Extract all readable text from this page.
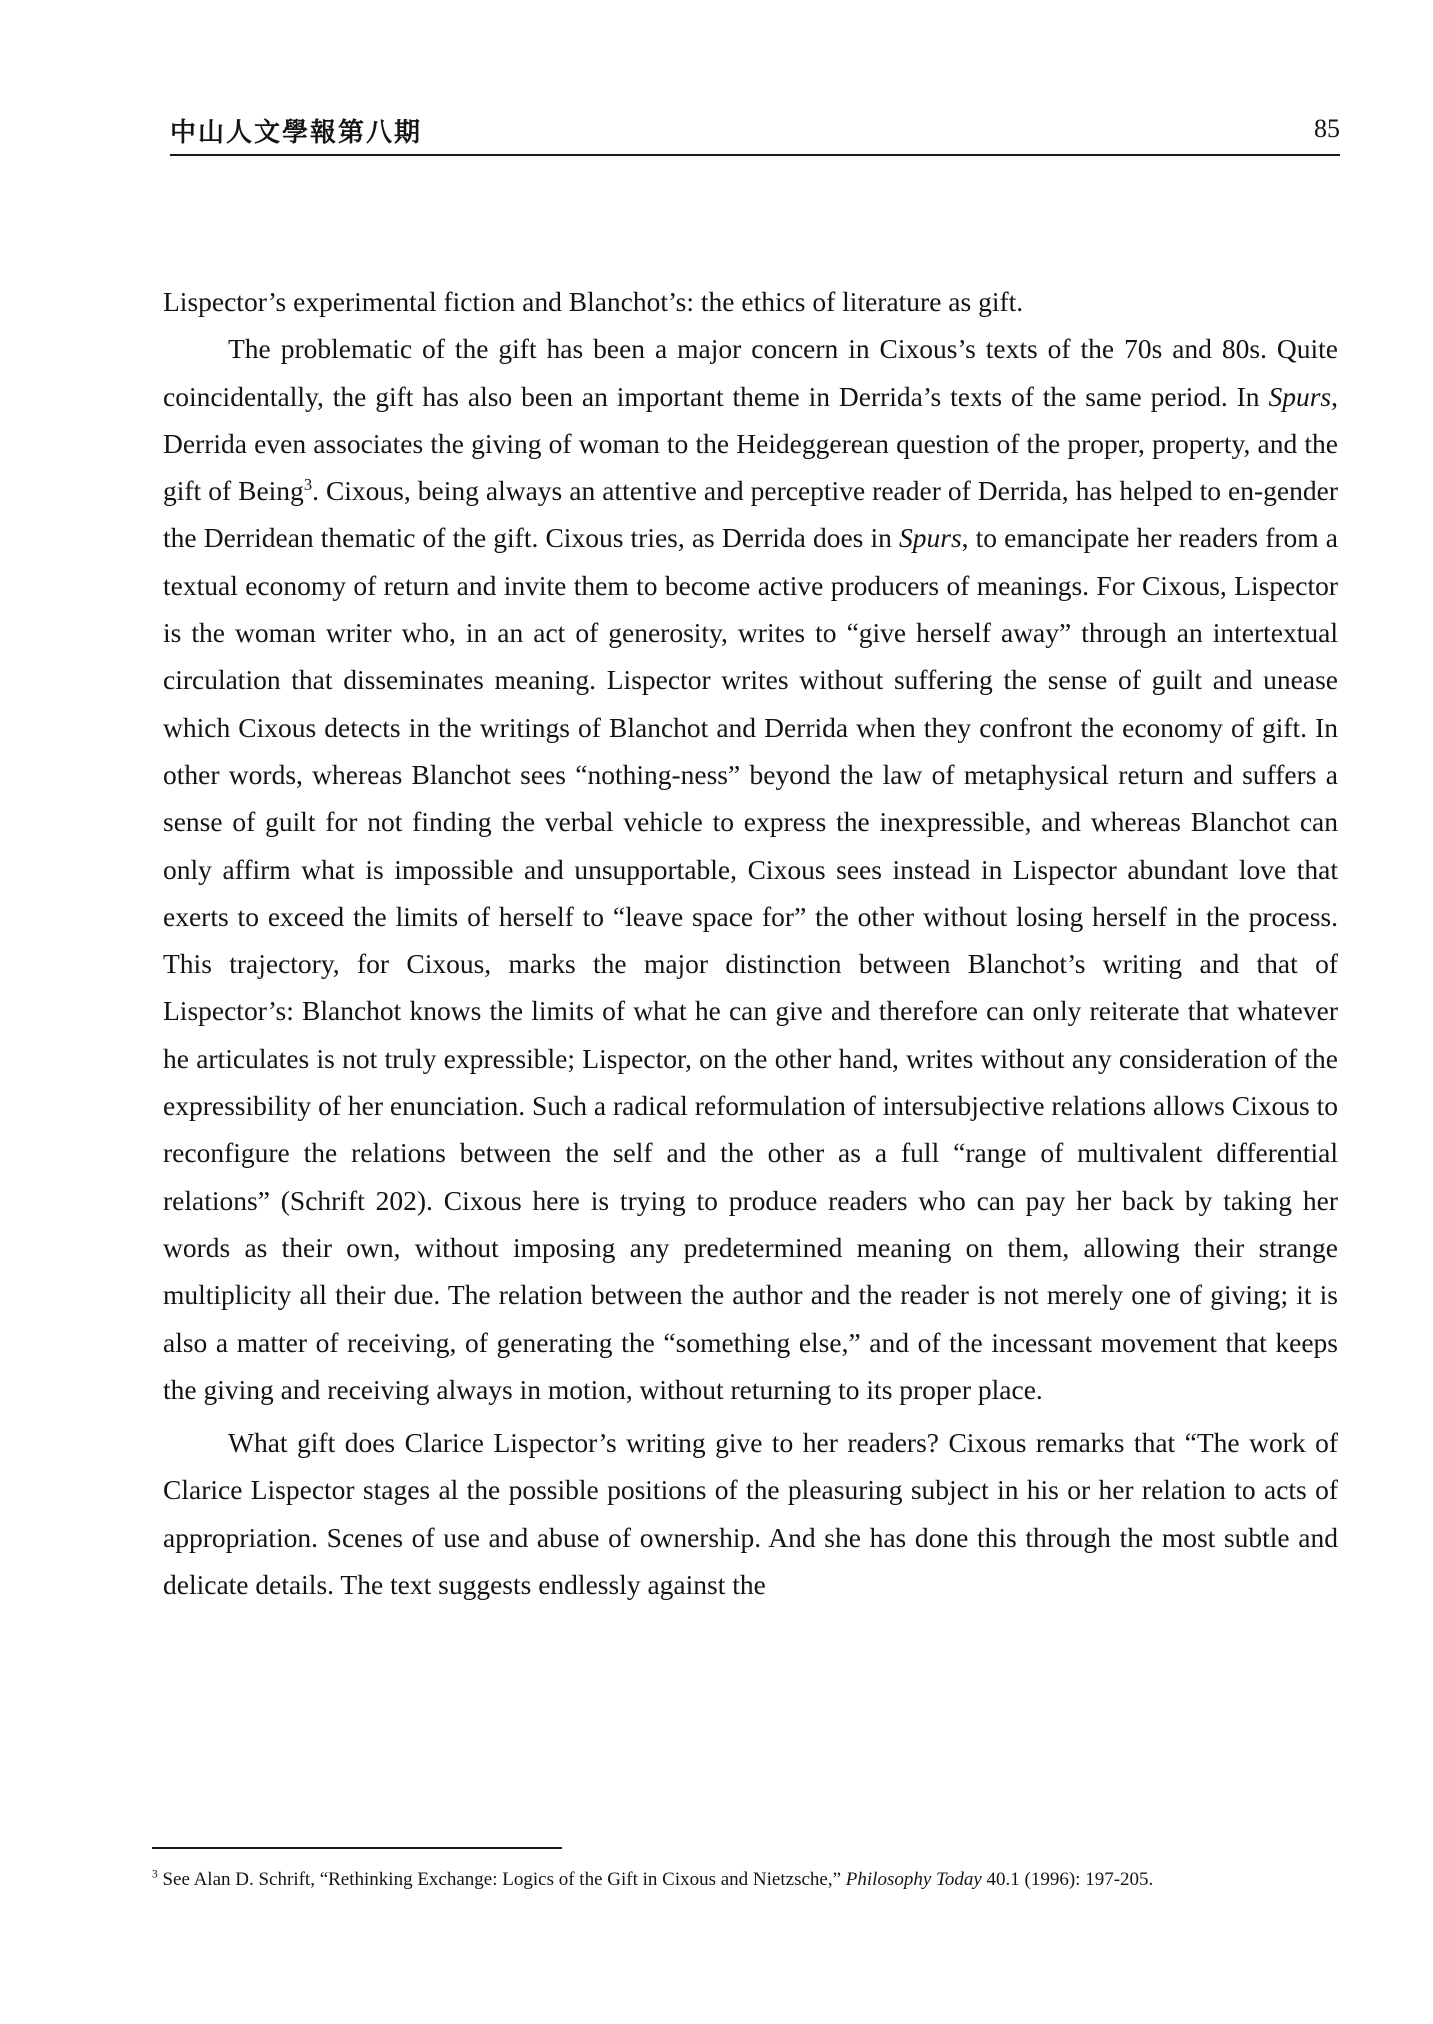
中山人文學報第八期	85

Lispector’s experimental fiction and Blanchot’s: the ethics of literature as gift.

The problematic of the gift has been a major concern in Cixous’s texts of the 70s and 80s. Quite coincidentally, the gift has also been an important theme in Derrida’s texts of the same period. In Spurs, Derrida even associates the giving of woman to the Heideggerean question of the proper, property, and the gift of Being$^3$. Cixous, being always an attentive and perceptive reader of Derrida, has helped to en-gender the Derridean thematic of the gift. Cixous tries, as Derrida does in Spurs, to emancipate her readers from a textual economy of return and invite them to become active producers of meanings. For Cixous, Lispector is the woman writer who, in an act of generosity, writes to “give herself away” through an intertextual circulation that disseminates meaning. Lispector writes without suffering the sense of guilt and unease which Cixous detects in the writings of Blanchot and Derrida when they confront the economy of gift. In other words, whereas Blanchot sees “nothing-ness” beyond the law of metaphysical return and suffers a sense of guilt for not finding the verbal vehicle to express the inexpressible, and whereas Blanchot can only affirm what is impossible and unsupportable, Cixous sees instead in Lispector abundant love that exerts to exceed the limits of herself to “leave space for” the other without losing herself in the process. This trajectory, for Cixous, marks the major distinction between Blanchot’s writing and that of Lispector’s: Blanchot knows the limits of what he can give and therefore can only reiterate that whatever he articulates is not truly expressible; Lispector, on the other hand, writes without any consideration of the expressibility of her enunciation. Such a radical reformulation of intersubjective relations allows Cixous to reconfigure the relations between the self and the other as a full “range of multivalent differential relations” (Schrift 202). Cixous here is trying to produce readers who can pay her back by taking her words as their own, without imposing any predetermined meaning on them, allowing their strange multiplicity all their due. The relation between the author and the reader is not merely one of giving; it is also a matter of receiving, of generating the “something else,” and of the incessant movement that keeps the giving and receiving always in motion, without returning to its proper place.

What gift does Clarice Lispector’s writing give to her readers? Cixous remarks that “The work of Clarice Lispector stages al the possible positions of the pleasuring subject in his or her relation to acts of appropriation. Scenes of use and abuse of ownership. And she has done this through the most subtle and delicate details. The text suggests endlessly against the

$^3$ See Alan D. Schrift, “Rethinking Exchange: Logics of the Gift in Cixous and Nietzsche,” Philosophy Today 40.1 (1996): 197-205.
